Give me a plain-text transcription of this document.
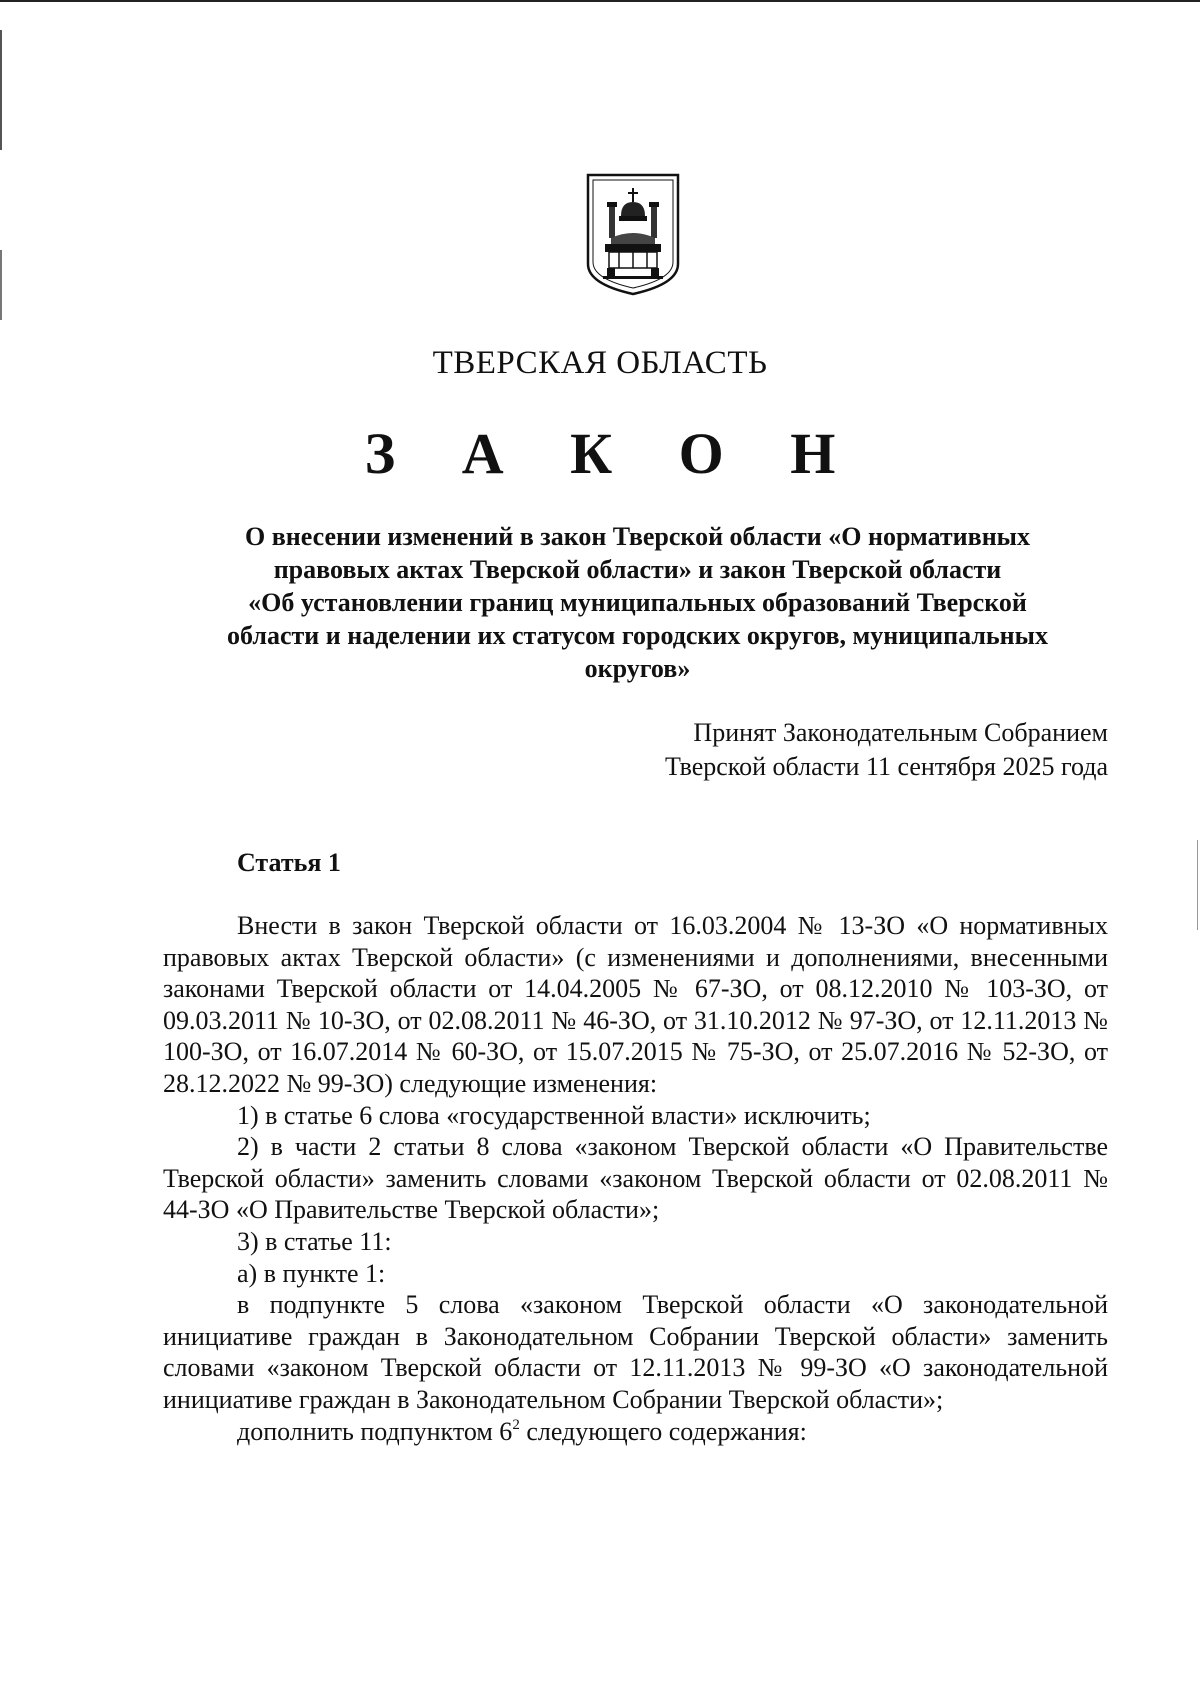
ТВЕРСКАЯ ОБЛАСТЬ
З А К О Н
О внесении изменений в закон Тверской области «О нормативных
правовых актах Тверской области» и закон Тверской области
«Об установлении границ муниципальных образований Тверской
области и наделении их статусом городских округов, муниципальных
округов»
Принят Законодательным Собранием
Тверской области 11 сентября 2025 года
Статья 1

Внести в закон Тверской области от 16.03.2004 № 13-ЗО «О нормативных правовых актах Тверской области» (с изменениями и дополнениями, внесенными законами Тверской области от 14.04.2005 № 67-ЗО, от 08.12.2010 № 103-ЗО, от 09.03.2011 № 10-ЗО, от 02.08.2011 № 46-ЗО, от 31.10.2012 № 97-ЗО, от 12.11.2013 № 100-ЗО, от 16.07.2014 № 60-ЗО, от 15.07.2015 № 75-ЗО, от 25.07.2016 № 52-ЗО, от 28.12.2022 № 99-ЗО) следующие изменения:

1) в статье 6 слова «государственной власти» исключить;

2) в части 2 статьи 8 слова «законом Тверской области «О Правительстве Тверской области» заменить словами «законом Тверской области от 02.08.2011 № 44-ЗО «О Правительстве Тверской области»;

3) в статье 11:

а) в пункте 1:

в подпункте 5 слова «законом Тверской области «О законодательной инициативе граждан в Законодательном Собрании Тверской области» заменить словами «законом Тверской области от 12.11.2013 № 99-ЗО «О законодательной инициативе граждан в Законодательном Собрании Тверской области»;

дополнить подпунктом $6^2$ следующего содержания:
